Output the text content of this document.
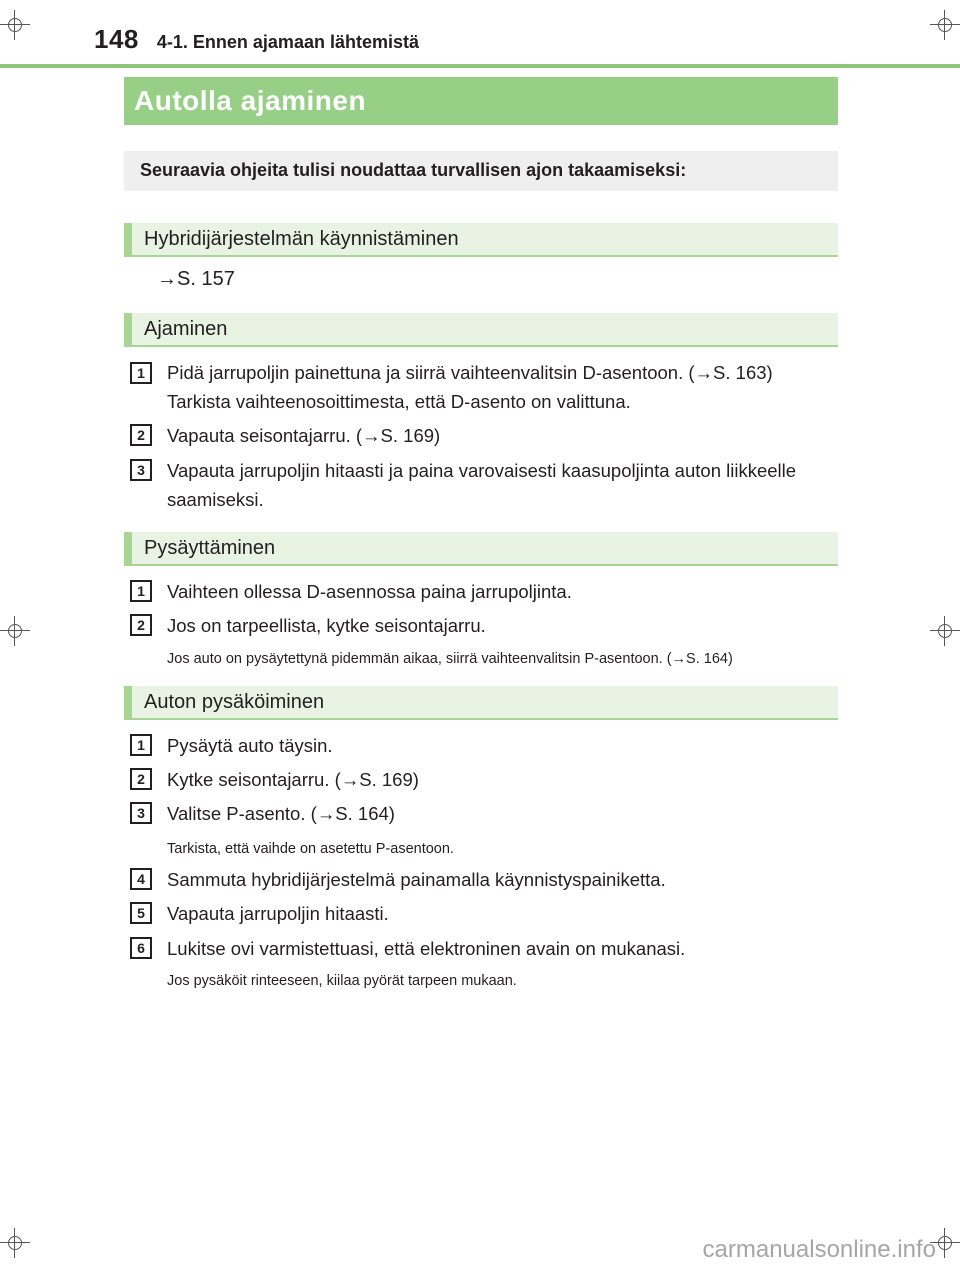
148 4-1. Ennen ajamaan lähtemistä
Autolla ajaminen
Seuraavia ohjeita tulisi noudattaa turvallisen ajon takaamiseksi:
Hybridijärjestelmän käynnistäminen
→S. 157
Ajaminen
1	Pidä jarrupoljin painettuna ja siirrä vaihteenvalitsin D-asentoon. (→S. 163) Tarkista vaihteenosoittimesta, että D-asento on valittuna.
2	Vapauta seisontajarru. (→S. 169)
3	Vapauta jarrupoljin hitaasti ja paina varovaisesti kaasupoljinta auton liikkeelle saamiseksi.
Pysäyttäminen
1	Vaihteen ollessa D-asennossa paina jarrupoljinta.
2	Jos on tarpeellista, kytke seisontajarru.
Jos auto on pysäytettynä pidemmän aikaa, siirrä vaihteenvalitsin P-asentoon. (→S. 164)
Auton pysäköiminen
1	Pysäytä auto täysin.
2	Kytke seisontajarru. (→S. 169)
3	Valitse P-asento. (→S. 164)
Tarkista, että vaihde on asetettu P-asentoon.
4	Sammuta hybridijärjestelmä painamalla käynnistyspainiketta.
5	Vapauta jarrupoljin hitaasti.
6	Lukitse ovi varmistettuasi, että elektroninen avain on mukanasi.
Jos pysäköit rinteeseen, kiilaa pyörät tarpeen mukaan.
carmanualsonline.info
